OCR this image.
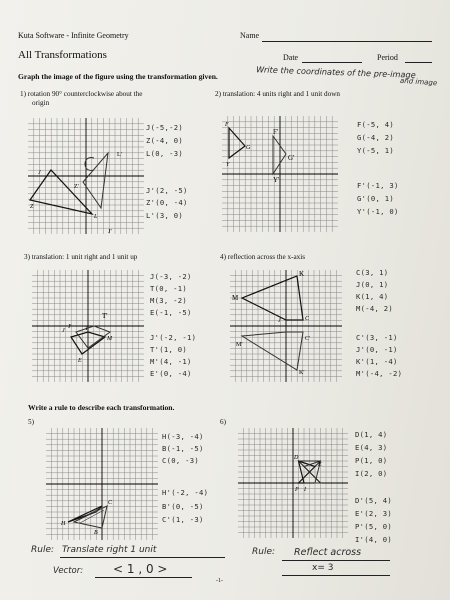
Kuta Software - Infinite Geometry	Name
All Transformations	Date	Period
Graph the image of the figure using the transformation given.	Write the coordinates of the pre-image
and image
1) rotation 90° counterclockwise about the
origin
J
Z
L
J'
Z'
L'
J(-5,-2)
Z(-4, 0)
L(0, -3)
J'(2, -5)
Z'(0, -4)
L'(3, 0)
2) translation: 4 units right and 1 unit down
F
G
Y
F'
G'
Y'
F(-5, 4)
G(-4, 2)
Y(-5, 1)
F'(-1, 3)
G'(0, 1)
Y'(-1, 0)
3) translation: 1 unit right and 1 unit up
J	T
M
E
T'
J'
J(-3, -2)
T(0, -1)
M(3, -2)
E(-1, -5)
J'(-2, -1)
T'(1, 0)
M'(4, -1)
E'(0, -4)
4) reflection across the x-axis
K
K'
M
M'
C
J
C'
C(3, 1)
J(0, 1)
K(1, 4)
M(-4, 2)
C'(3, -1)
J'(0, -1)
K'(1, -4)
M'(-4, -2)
Write a rule to describe each transformation.
5)
H
B
C
H(-3, -4)
B(-1, -5)
C(0, -3)
H'(-2, -4)
B'(0, -5)
C'(1, -3)
Rule: Translate right 1 unit
Vector: < 1 , 0 >
6)
D
E
P I
D(1, 4)
E(4, 3)
P(1, 0)
I(2, 0)
D'(5, 4)
E'(2, 3)
P'(5, 0)
I'(4, 0)
Rule: Reflect across
x= 3
-1-
